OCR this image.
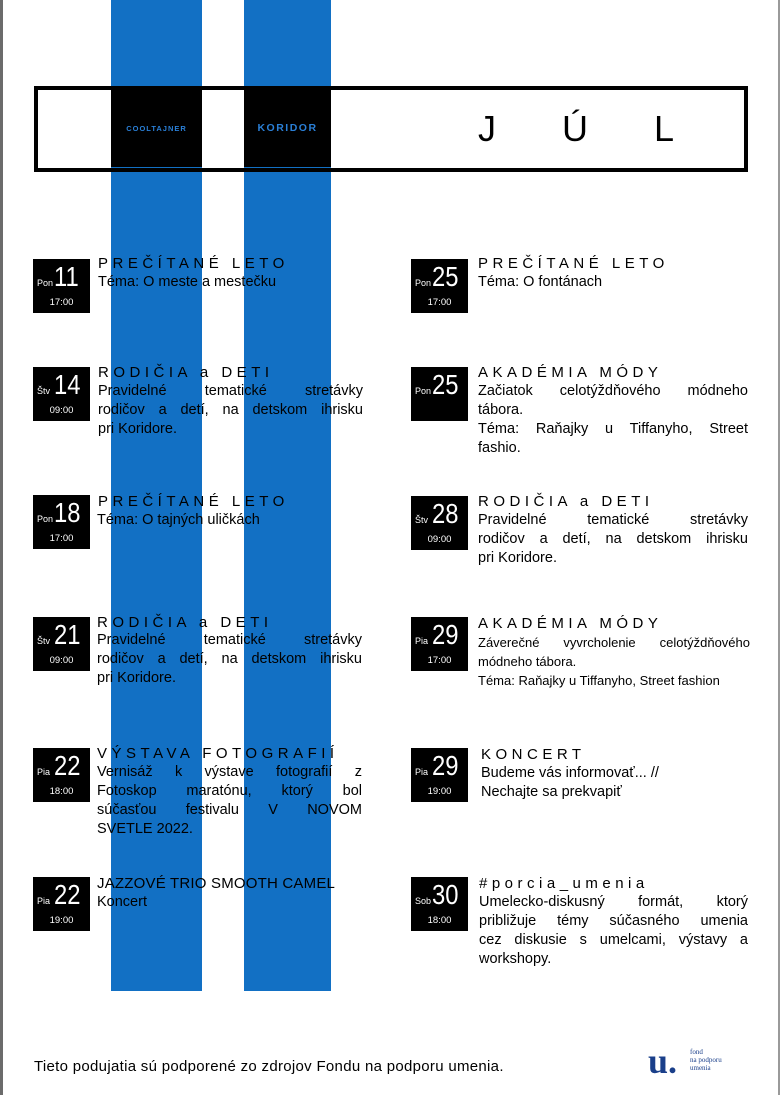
COOLTAJNER	KORIDOR	J Ú L
Pon 11
17:00
PREČÍTANÉ LETO
Téma: O meste a mestečku
Štv 14
09:00
RODIČIA a DETI
Pravidelné tematické stretávky
rodičov a detí, na detskom ihrisku
pri Koridore.
Pon 18
17:00
PREČÍTANÉ LETO
Téma: O tajných uličkách
Štv 21
09:00
RODIČIA a DETI
Pravidelné tematické stretávky
rodičov a detí, na detskom ihrisku
pri Koridore.
Pia 22
18:00
VÝSTAVA FOTOGRAFIÍ
Vernisáž k výstave fotografií z
Fotoskop maratónu, ktorý bol
súčasťou festivalu V NOVOM
SVETLE 2022.
Pia 22
19:00
JAZZOVÉ TRIO SMOOTH CAMEL
Koncert
Pon 25
17:00
PREČÍTANÉ LETO
Téma: O fontánach
Pon 25 AKADÉMIA MÓDY
Začiatok celotýždňového módneho
tábora.
Téma: Raňajky u Tiffanyho, Street
fashio.
Štv 28
09:00
RODIČIA a DETI
Pravidelné tematické stretávky
rodičov a detí, na detskom ihrisku
pri Koridore.
Pia 29
17:00
AKADÉMIA MÓDY
Záverečné vyvrcholenie celotýždňového
módneho tábora.
Téma: Raňajky u Tiffanyho, Street fashion
Pia 29
19:00
KONCERT
Budeme vás informovať... //
Nechajte sa prekvapiť
Sob 30
18:00
#porcia_umenia
Umelecko-diskusný formát, ktorý
približuje témy súčasného umenia
cez diskusie s umelcami, výstavy a
workshopy.
Tieto podujatia sú podporené zo zdrojov Fondu na podporu umenia.	u. fond
na podporu
umenia
